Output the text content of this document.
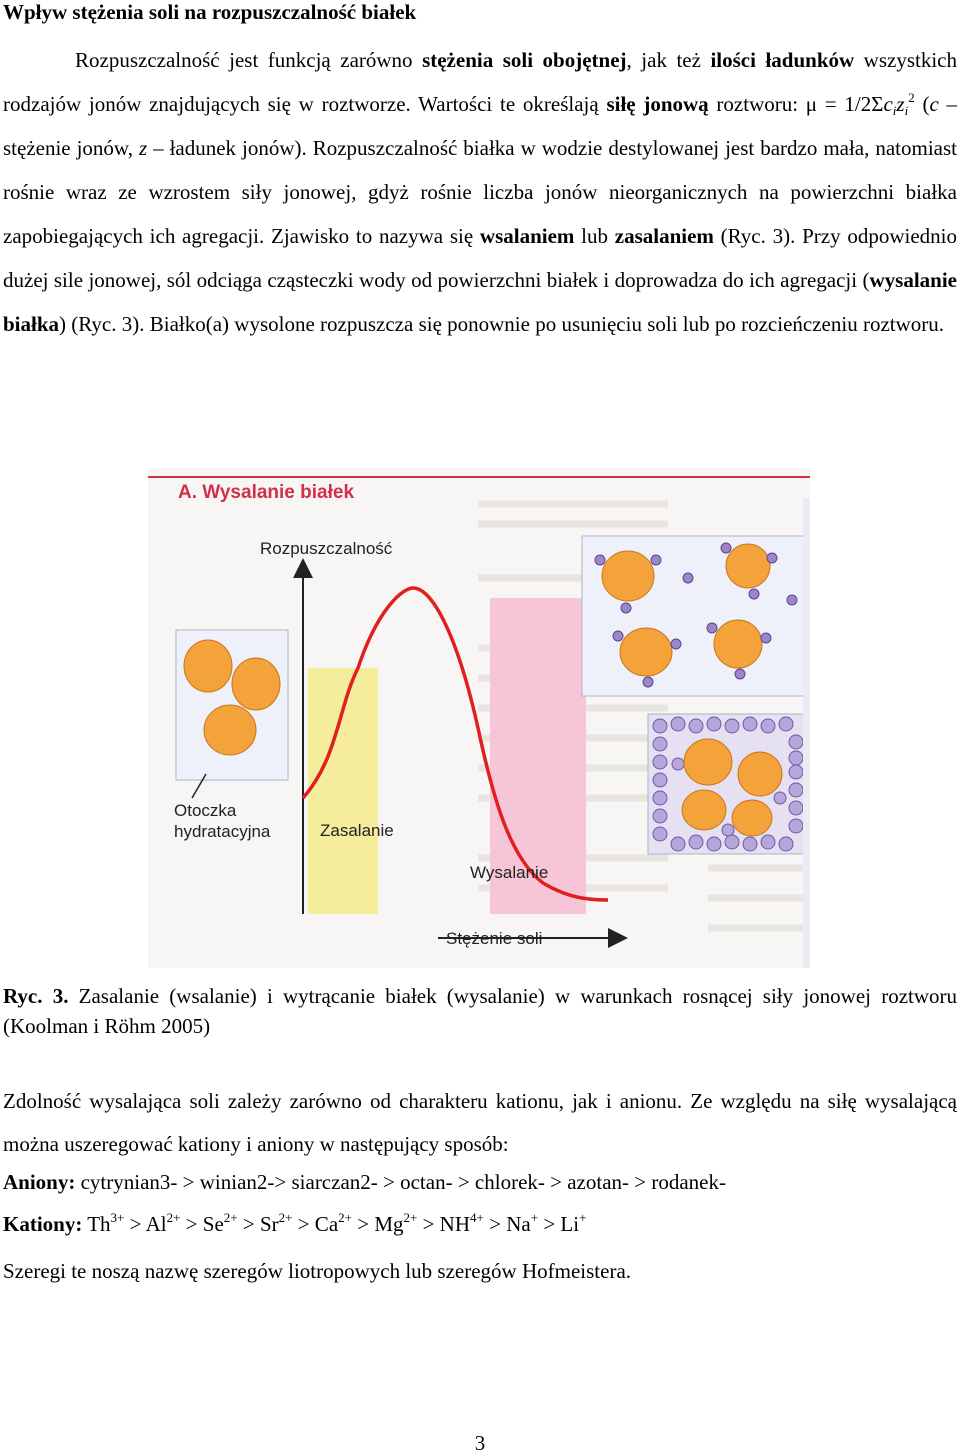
Wpływ stężenia soli na rozpuszczalność białek
Rozpuszczalność jest funkcją zarówno stężenia soli obojętnej, jak też ilości ładunków wszystkich rodzajów jonów znajdujących się w roztworze. Wartości te określają siłę jonową roztworu: $\mu = 1/2\Sigma c_iz_i^2$ (c – stężenie jonów, z – ładunek jonów). Rozpuszczalność białka w wodzie destylowanej jest bardzo mała, natomiast rośnie wraz ze wzrostem siły jonowej, gdyż rośnie liczba jonów nieorganicznych na powierzchni białka zapobiegających ich agregacji. Zjawisko to nazywa się wsalaniem lub zasalaniem (Ryc. 3). Przy odpowiednio dużej sile jonowej, sól odciąga cząsteczki wody od powierzchni białek i doprowadza do ich agregacji (wysalanie białka) (Ryc. 3). Białko(a) wysolone rozpuszcza się ponownie po usunięciu soli lub po rozcieńczeniu roztworu.
A. Wysalanie białek
Rozpuszczalność
Stężenie soli
Otoczka
hydratacyjna	Zasalanie
Wysalanie
Ryc. 3. Zasalanie (wsalanie) i wytrącanie białek (wysalanie) w warunkach rosnącej siły jonowej roztworu (Koolman i Röhm 2005)
Zdolność wysalająca soli zależy zarówno od charakteru kationu, jak i anionu. Ze względu na siłę wysalającą można uszeregować kationy i aniony w następujący sposób:
Aniony: cytrynian3- > winian2-> siarczan2- > octan- > chlorek- > azotan- > rodanek-
Kationy: $Th^{3+} > Al^{2+} > Se^{2+} > Sr^{2+} > Ca^{2+} > Mg^{2+} > NH^{4+} > Na^+ > Li^+$
Szeregi te noszą nazwę szeregów liotropowych lub szeregów Hofmeistera.
3
